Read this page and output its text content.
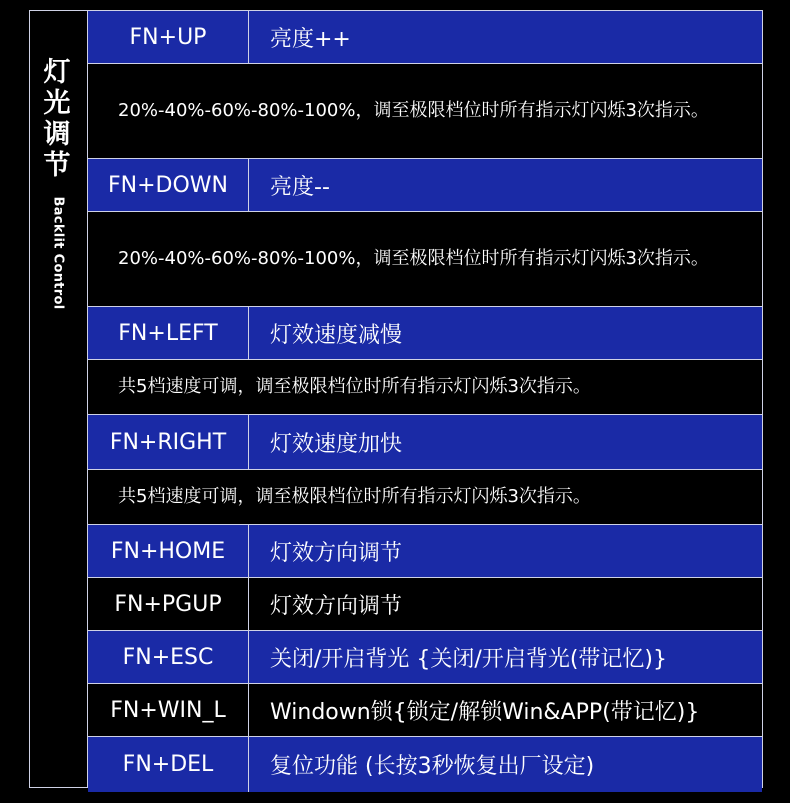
灯光调节
Backlit Control
FN+UP	亮度++
20%-40%-60%-80%-100%，调至极限档位时所有指示灯闪烁3次指示。
FN+DOWN	亮度--
20%-40%-60%-80%-100%，调至极限档位时所有指示灯闪烁3次指示。
FN+LEFT	灯效速度减慢
共5档速度可调，调至极限档位时所有指示灯闪烁3次指示。
FN+RIGHT	灯效速度加快
共5档速度可调，调至极限档位时所有指示灯闪烁3次指示。
FN+HOME	灯效方向调节
FN+PGUP	灯效方向调节
FN+ESC	关闭/开启背光 {关闭/开启背光(带记忆)}
FN+WIN_L	Windown锁{锁定/解锁Win&APP(带记忆)}
FN+DEL	复位功能 (长按3秒恢复出厂设定)
